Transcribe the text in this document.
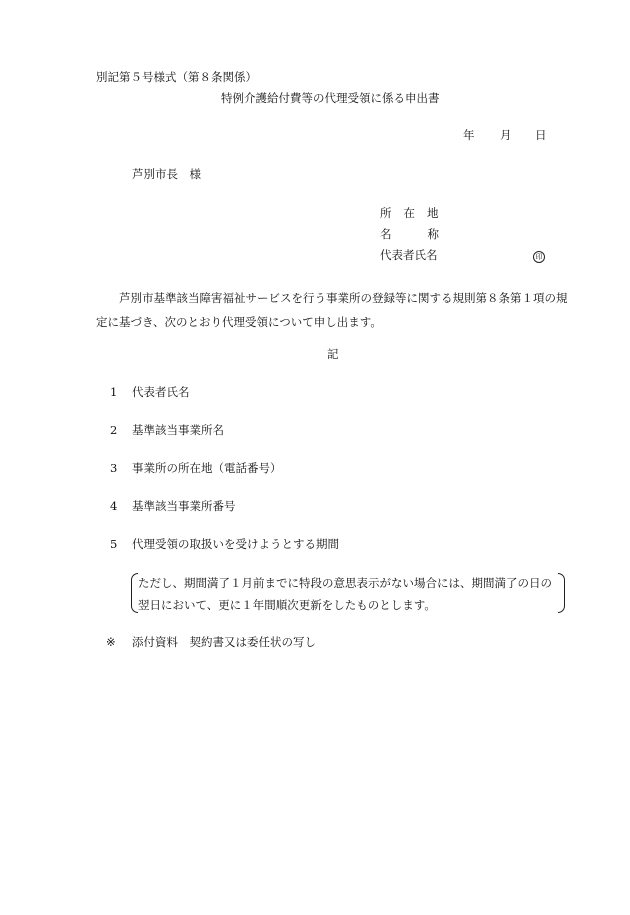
別記第５号様式（第８条関係）
特例介護給付費等の代理受領に係る申出書
年 月 日
芦別市長　様
所 在 地
名	称
代表者氏名	印
芦別市基準該当障害福祉サービスを行う事業所の登録等に関する規則第８条第１項の規定に基づき、次のとおり代理受領について申し出ます。
記
1 代表者氏名
2 基準該当事業所名
3 事業所の所在地（電話番号）
4 基準該当事業所番号
5 代理受領の取扱いを受けようとする期間
ただし、期間満了１月前までに特段の意思表示がない場合には、期間満了の日の翌日において、更に１年間順次更新をしたものとします。
※ 添付資料　契約書又は委任状の写し
